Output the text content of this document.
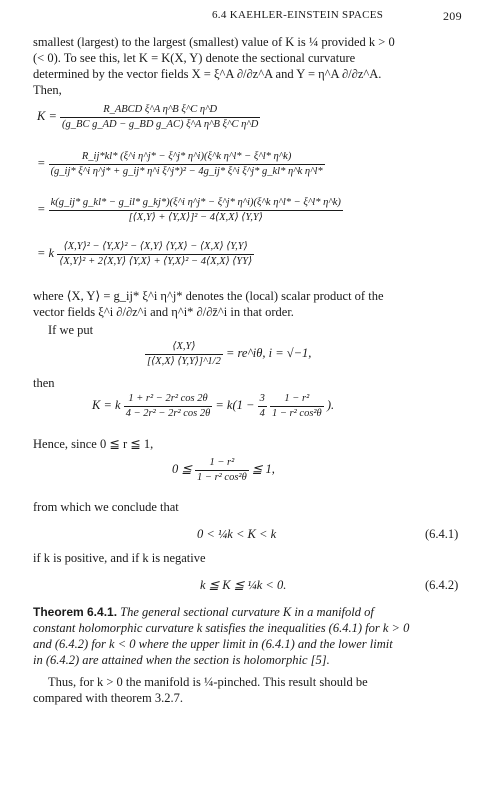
6.4 KAEHLER-EINSTEIN SPACES	209
smallest (largest) to the largest (smallest) value of K is ¼ provided k > 0
(< 0). To see this, let K = K(X, Y) denote the sectional curvature
determined by the vector fields X = ξ^A ∂/∂z^A and Y = η^A ∂/∂z^A.
Then,
$K = \frac{\text{R\_ABCD ξ\textasciicircum{}A η\textasciicircum{}B ξ\textasciicircum{}C η\textasciicircum{}D}}{\text{(g\_BC g\_AD − g\_BD g\_AC) ξ\textasciicircum{}A η\textasciicircum{}B ξ\textasciicircum{}C η\textasciicircum{}D}}$
=	R_ij*kl* (ξ^i η^j* − ξ^j* η^i)(ξ^k η^l* − ξ^l* η^k)
(g_ij* ξ^i η^j* + g_ij* η^i ξ^j*)² − 4g_ij* ξ^i ξ^j* g_kl* η^k η^l*
= k(g_ij* g_kl* − g_il* g_kj*)(ξ^i η^j* − ξ^j* η^i)(ξ^k η^l* − ξ^l* η^k)
[⟨X,Y⟩ + ⟨Y,X⟩]² − 4⟨X,X⟩ ⟨Y,Y⟩
= k $\frac{\text{⟨X,Y⟩² − ⟨Y,X⟩² − ⟨X,Y⟩ ⟨Y,X⟩ − ⟨X,X⟩ ⟨Y,Y⟩}}{\text{⟨X,Y⟩² + 2⟨X,Y⟩ ⟨Y,X⟩ + ⟨Y,X⟩² − 4⟨X,X⟩ ⟨YY⟩}}$
where ⟨X, Y⟩ = g_ij* ξ^i η^j* denotes the (local) scalar product of the
vector fields ξ^i ∂/∂z^i and η^i* ∂/∂z̄^i in that order.
If we put
$\frac{⟨X,Y⟩}{[⟨X,X⟩ ⟨Y,Y⟩]\^{}1/2}$ = re^iθ, i = √−1,
then
K = k $\frac{\text{1 + r² − 2r² cos 2θ}}{\text{4 − 2r² − 2r² cos 2θ}} = k(1 - \frac{3}{4}$
$\frac{\text{1 − r²}}{\text{1 − r² cos²θ}}$ ).
Hence, since 0 ≦ r ≦ 1,
0 ≦ $\frac{\text{1 − r²}}{\text{1 − r² cos²θ}}$ ≦ 1,
from which we conclude that
0 < ¼k < K < k	(6.4.1)
if k is positive, and if k is negative
k ≦ K ≦ ¼k < 0.	(6.4.2)
Theorem 6.4.1. The general sectional curvature K in a manifold of
constant holomorphic curvature k satisfies the inequalities (6.4.1) for k > 0
and (6.4.2) for k < 0 where the upper limit in (6.4.1) and the lower limit
in (6.4.2) are attained when the section is holomorphic [5].
Thus, for k > 0 the manifold is ¼-pinched. This result should be
compared with theorem 3.2.7.
